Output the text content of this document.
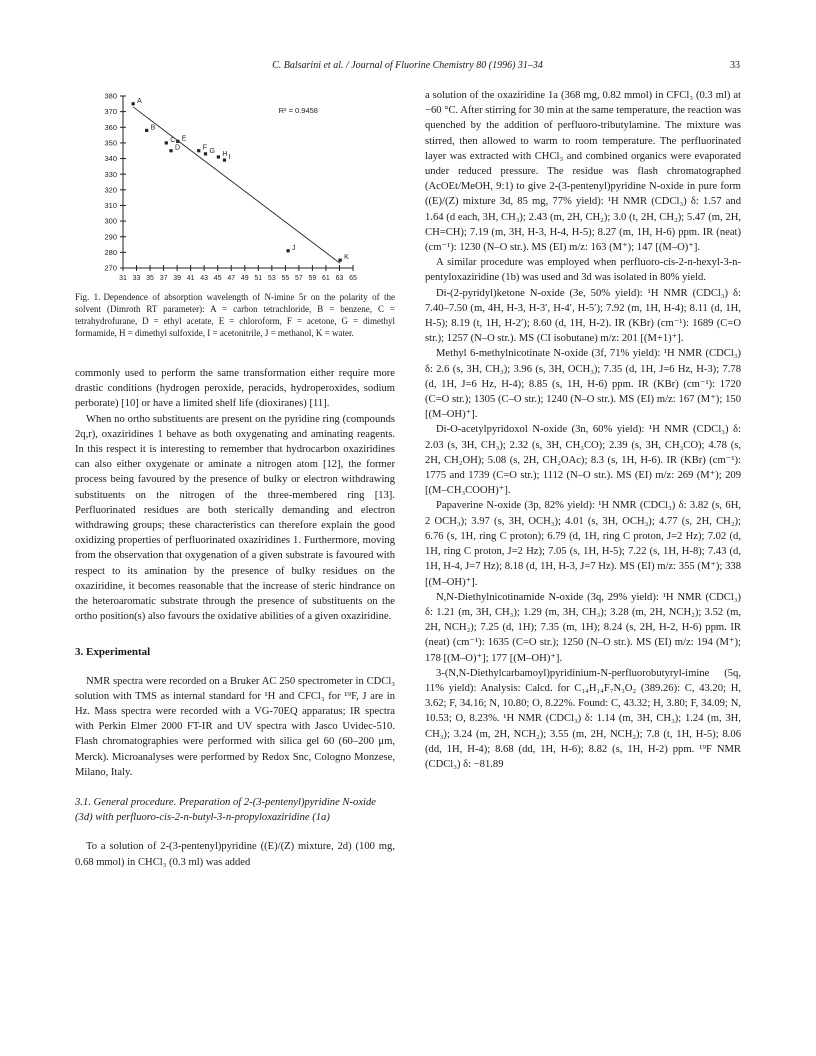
C. Balsarini et al. / Journal of Fluorine Chemistry 80 (1996) 31–34	33
270
280
290
300
310
320
330
340
350
360
370
380
31 33 35 37 39 41 43 45 47 49 51 53 55 57 59 61 63 65
A
B
C
D
E
F G H I
J
K
R² = 0.9458
Fig. 1. Dependence of absorption wavelength of N-imine 5r on the polarity of the solvent (Dimroth RT parameter): A = carbon tetrachloride, B = benzene, C = tetrahydrofurane, D = ethyl acetate, E = chloroform, F = acetone, G = dimethyl formamide, H = dimethyl sulfoxide, I = acetonitrile, J = methanol, K = water.

commonly used to perform the same transformation either require more drastic conditions (hydrogen peroxide, peracids, hydroperoxides, sodium perborate) [10] or have a limited shelf life (dioxiranes) [11].

When no ortho substituents are present on the pyridine ring (compounds 2q,r), oxaziridines 1 behave as both oxygenating and aminating reagents. In this respect it is interesting to remember that hydrocarbon oxaziridines can also either oxygenate or aminate a nitrogen atom [12], the former process being favoured by the presence of bulky or electron withdrawing substituents on the nitrogen of the three-membered ring [13]. Perfluorinated residues are both sterically demanding and electron withdrawing groups; these characteristics can therefore explain the good oxidizing properties of perfluorinated oxaziridines 1. Furthermore, moving from the observation that oxygenation of a given substrate is favoured with respect to its amination by the presence of bulky residues on the oxaziridine, it becomes reasonable that the increase of steric hindrance on the heteroaromatic substrate through the presence of substituents on the ortho position(s) also favours the oxidative abilities of a given oxaziridine.

3. Experimental

NMR spectra were recorded on a Bruker AC 250 spectrometer in CDCl₃ solution with TMS as internal standard for ¹H and CFCl₃ for ¹⁹F, J are in Hz. Mass spectra were recorded with a VG-70EQ apparatus; IR spectra with Perkin Elmer 2000 FT-IR and UV spectra with Jasco Uvidec-510. Flash chromatographies were performed with silica gel 60 (60–200 μm, Merck). Microanalyses were performed by Redox Snc, Cologno Monzese, Milano, Italy.

3.1. General procedure. Preparation of 2-(3-pentenyl)pyridine N-oxide (3d) with perfluoro-cis-2-n-butyl-3-n-propyloxaziridine (1a)

To a solution of 2-(3-pentenyl)pyridine ((E)/(Z) mixture, 2d) (100 mg, 0.68 mmol) in CHCl₃ (0.3 ml) was added

a solution of the oxaziridine 1a (368 mg, 0.82 mmol) in CFCl₃ (0.3 ml) at −60 °C. After stirring for 30 min at the same temperature, the reaction was quenched by the addition of perfluoro-tributylamine. The mixture was stirred, then allowed to warm to room temperature. The perfluorinated layer was extracted with CHCl₃ and combined organics were evaporated under reduced pressure. The residue was flash chromatographed (AcOEt/MeOH, 9:1) to give 2-(3-pentenyl)pyridine N-oxide in pure form ((E)/(Z) mixture 3d, 85 mg, 77% yield): ¹H NMR (CDCl₃) δ: 1.57 and 1.64 (d each, 3H, CH₃); 2.43 (m, 2H, CH₂); 3.0 (t, 2H, CH₂); 5.47 (m, 2H, CH=CH); 7.19 (m, 3H, H-3, H-4, H-5); 8.27 (m, 1H, H-6) ppm. IR (neat) (cm⁻¹): 1230 (N–O str.). MS (EI) m/z: 163 (M⁺); 147 [(M–O)⁺].

A similar procedure was employed when perfluoro-cis-2-n-hexyl-3-n-pentyloxaziridine (1b) was used and 3d was isolated in 80% yield.

Di-(2-pyridyl)ketone N-oxide (3e, 50% yield): ¹H NMR (CDCl₃) δ: 7.40–7.50 (m, 4H, H-3, H-3′, H-4′, H-5′); 7.92 (m, 1H, H-4); 8.11 (d, 1H, H-5); 8.19 (t, 1H, H-2′); 8.60 (d, 1H, H-2). IR (KBr) (cm⁻¹): 1689 (C=O str.); 1257 (N–O str.). MS (CI isobutane) m/z: 201 [(M+1)⁺].

Methyl 6-methylnicotinate N-oxide (3f, 71% yield): ¹H NMR (CDCl₃) δ: 2.6 (s, 3H, CH₃); 3.96 (s, 3H, OCH₃); 7.35 (d, 1H, J=6 Hz, H-3); 7.78 (d, 1H, J=6 Hz, H-4); 8.85 (s, 1H, H-6) ppm. IR (KBr) (cm⁻¹): 1720 (C=O str.); 1305 (C–O str.); 1240 (N–O str.). MS (EI) m/z: 167 (M⁺); 150 [(M–OH)⁺].

Di-O-acetylpyridoxol N-oxide (3n, 60% yield): ¹H NMR (CDCl₃) δ: 2.03 (s, 3H, CH₃); 2.32 (s, 3H, CH₃CO); 2.39 (s, 3H, CH₃CO); 4.78 (s, 2H, CH₂OH); 5.08 (s, 2H, CH₂OAc); 8.3 (s, 1H, H-6). IR (KBr) (cm⁻¹): 1775 and 1739 (C=O str.); 1112 (N–O str.). MS (EI) m/z: 269 (M⁺); 209 [(M–CH₃COOH)⁺].

Papaverine N-oxide (3p, 82% yield): ¹H NMR (CDCl₃) δ: 3.82 (s, 6H, 2 OCH₃); 3.97 (s, 3H, OCH₃); 4.01 (s, 3H, OCH₃); 4.77 (s, 2H, CH₂); 6.76 (s, 1H, ring C proton); 6.79 (d, 1H, ring C proton, J=2 Hz); 7.02 (d, 1H, ring C proton, J=2 Hz); 7.05 (s, 1H, H-5); 7.22 (s, 1H, H-8); 7.43 (d, 1H, H-4, J=7 Hz); 8.18 (d, 1H, H-3, J=7 Hz). MS (EI) m/z: 355 (M⁺); 338 [(M–OH)⁺].

N,N-Diethylnicotinamide N-oxide (3q, 29% yield): ¹H NMR (CDCl₃) δ: 1.21 (m, 3H, CH₃); 1.29 (m, 3H, CH₃); 3.28 (m, 2H, NCH₂); 3.52 (m, 2H, NCH₂); 7.25 (d, 1H); 7.35 (m, 1H); 8.24 (s, 2H, H-2, H-6) ppm. IR (neat) (cm⁻¹): 1635 (C=O str.); 1250 (N–O str.). MS (EI) m/z: 194 (M⁺); 178 [(M–O)⁺]; 177 [(M–OH)⁺].

3-(N,N-Diethylcarbamoyl)pyridinium-N-perfluorobutyryl-imine (5q, 11% yield): Analysis: Calcd. for C₁₄H₁₄F₇N₃O₂ (389.26): C, 43.20; H, 3.62; F, 34.16; N, 10.80; O, 8.22%. Found: C, 43.32; H, 3.80; F, 34.09; N, 10.53; O, 8.23%. ¹H NMR (CDCl₃) δ: 1.14 (m, 3H, CH₃); 1.24 (m, 3H, CH₃); 3.24 (m, 2H, NCH₂); 3.55 (m, 2H, NCH₂); 7.8 (t, 1H, H-5); 8.06 (dd, 1H, H-4); 8.68 (dd, 1H, H-6); 8.82 (s, 1H, H-2) ppm. ¹⁹F NMR (CDCl₃) δ: −81.89
